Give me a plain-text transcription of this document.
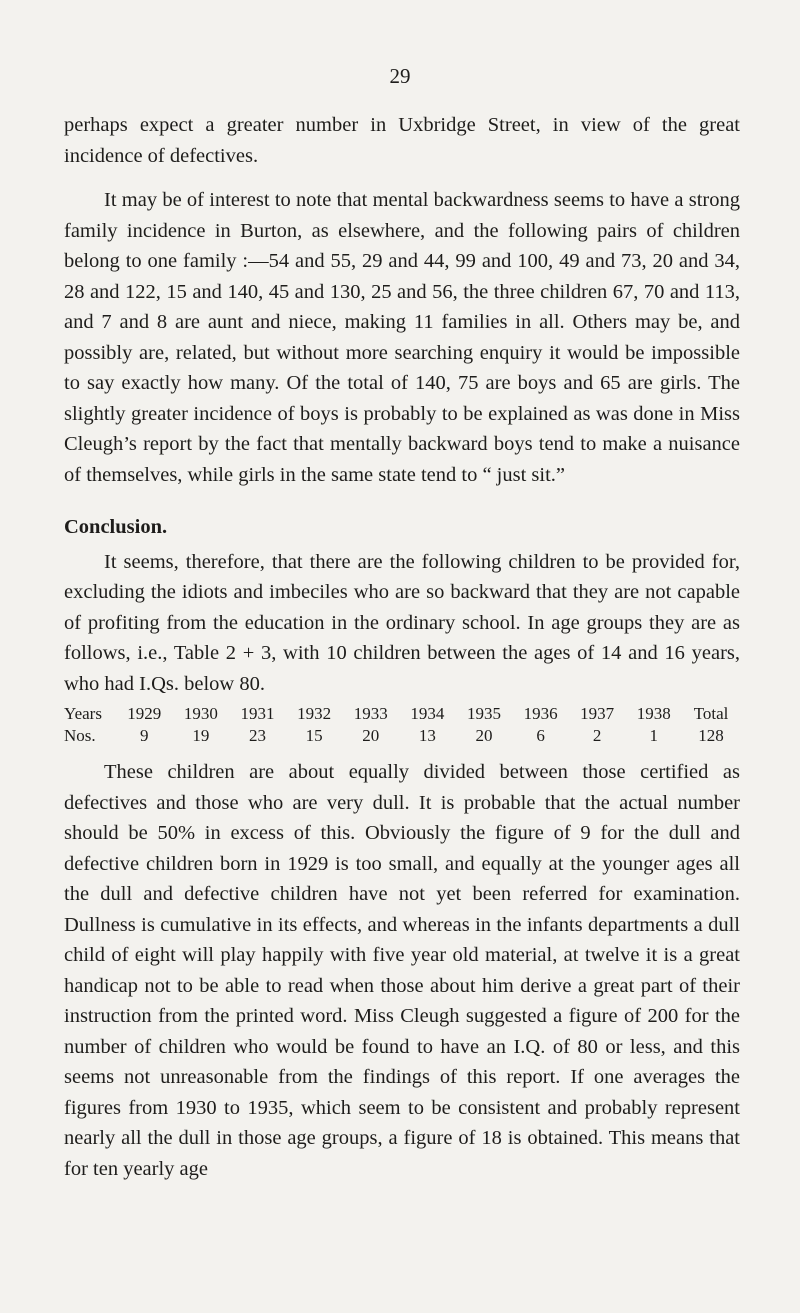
29

perhaps expect a greater number in Uxbridge Street, in view of the great incidence of defectives.

It may be of interest to note that mental backwardness seems to have a strong family incidence in Burton, as elsewhere, and the following pairs of children belong to one family :—54 and 55, 29 and 44, 99 and 100, 49 and 73, 20 and 34, 28 and 122, 15 and 140, 45 and 130, 25 and 56, the three children 67, 70 and 113, and 7 and 8 are aunt and niece, making 11 families in all. Others may be, and possibly are, related, but without more searching enquiry it would be impossible to say exactly how many. Of the total of 140, 75 are boys and 65 are girls. The slightly greater incidence of boys is probably to be explained as was done in Miss Cleugh’s report by the fact that mentally backward boys tend to make a nuisance of themselves, while girls in the same state tend to “ just sit.”

Conclusion.

It seems, therefore, that there are the following children to be provided for, excluding the idiots and imbeciles who are so backward that they are not capable of profiting from the education in the ordinary school. In age groups they are as follows, i.e., Table 2 + 3, with 10 children between the ages of 14 and 16 years, who had I.Qs. below 80.

Years	1929	1930	1931	1932	1933	1934	1935	1936	1937	1938	Total
Nos.	9	19	23	15	20	13	20	6	2	1	128

These children are about equally divided between those certified as defectives and those who are very dull. It is probable that the actual number should be 50% in excess of this. Obviously the figure of 9 for the dull and defective children born in 1929 is too small, and equally at the younger ages all the dull and defective children have not yet been referred for examination. Dullness is cumulative in its effects, and whereas in the infants departments a dull child of eight will play happily with five year old material, at twelve it is a great handicap not to be able to read when those about him derive a great part of their instruction from the printed word. Miss Cleugh suggested a figure of 200 for the number of children who would be found to have an I.Q. of 80 or less, and this seems not unreasonable from the findings of this report. If one averages the figures from 1930 to 1935, which seem to be consistent and probably represent nearly all the dull in those age groups, a figure of 18 is obtained. This means that for ten yearly age
